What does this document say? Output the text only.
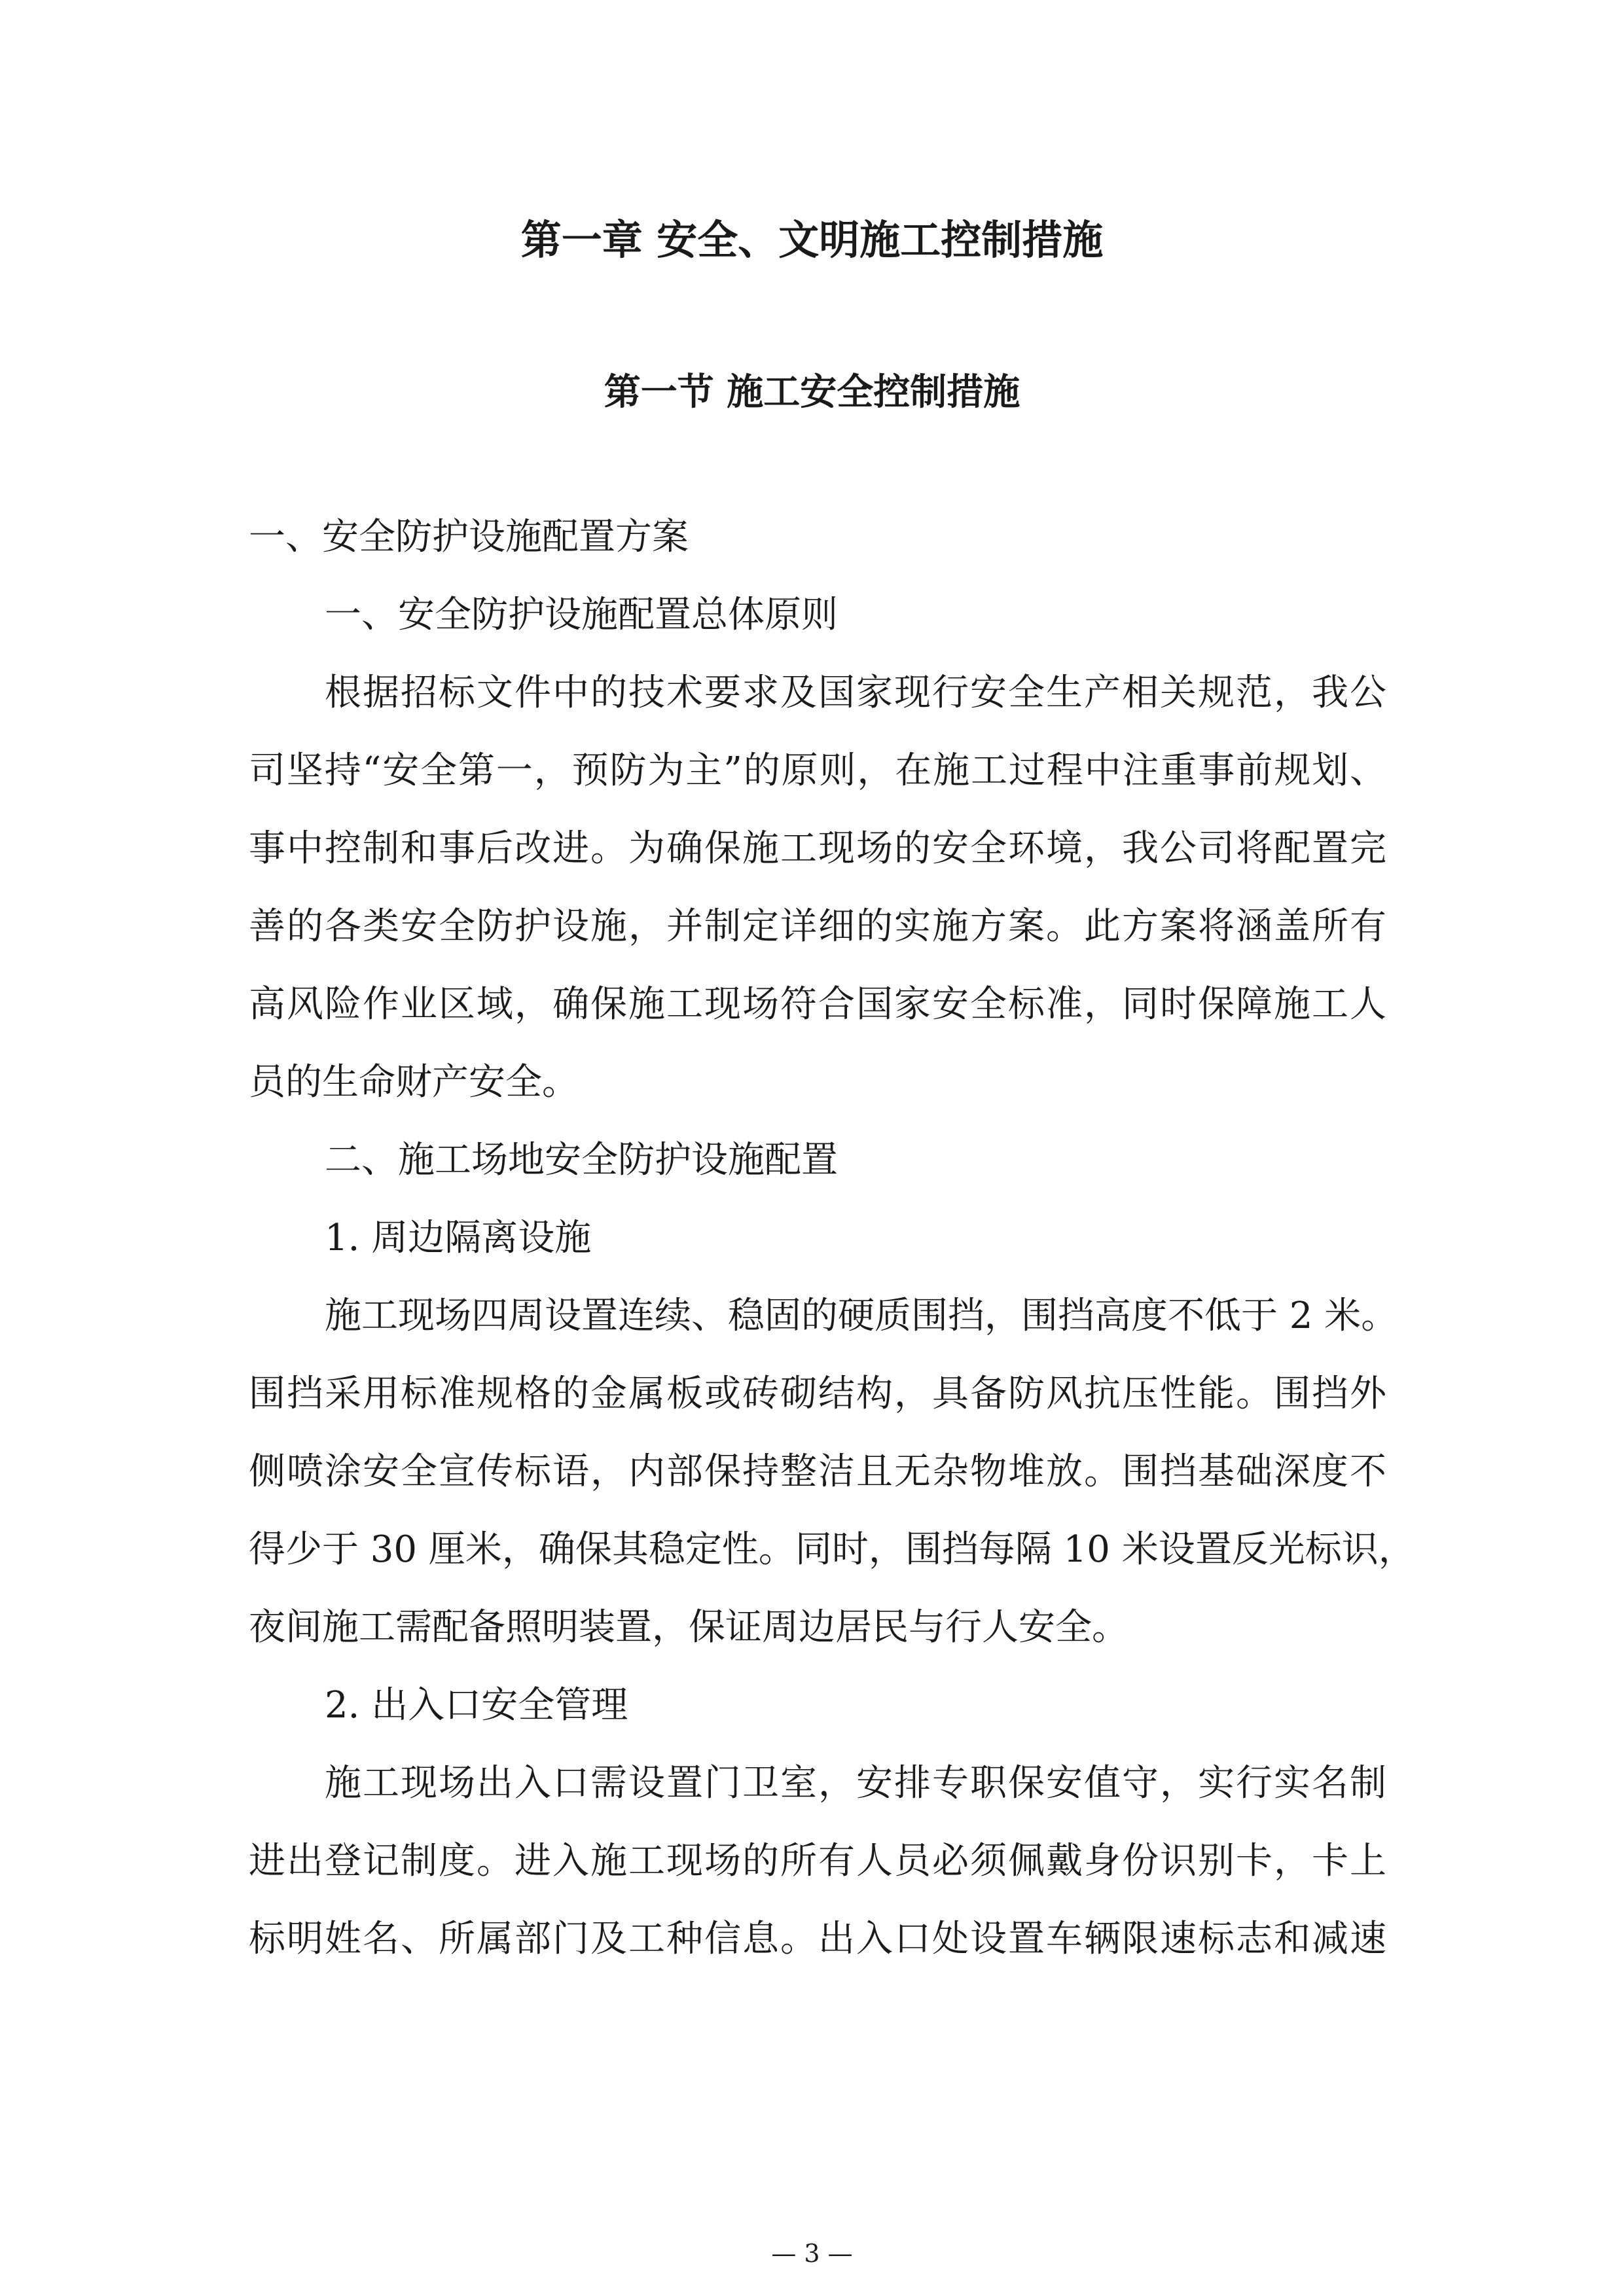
第一章 安全、文明施工控制措施
第一节 施工安全控制措施
一、安全防护设施配置方案
一、安全防护设施配置总体原则
根据招标文件中的技术要求及国家现行安全生产相关规范，我公
司坚持“安全第一，预防为主”的原则，在施工过程中注重事前规划、
事中控制和事后改进。为确保施工现场的安全环境，我公司将配置完
善的各类安全防护设施，并制定详细的实施方案。此方案将涵盖所有
高风险作业区域，确保施工现场符合国家安全标准，同时保障施工人
员的生命财产安全。
二、施工场地安全防护设施配置
1. 周边隔离设施
施工现场四周设置连续、稳固的硬质围挡，围挡高度不低于 2 米。
围挡采用标准规格的金属板或砖砌结构，具备防风抗压性能。围挡外
侧喷涂安全宣传标语，内部保持整洁且无杂物堆放。围挡基础深度不
得少于 30 厘米，确保其稳定性。同时，围挡每隔 10 米设置反光标识，
夜间施工需配备照明装置，保证周边居民与行人安全。
2. 出入口安全管理
施工现场出入口需设置门卫室，安排专职保安值守，实行实名制
进出登记制度。进入施工现场的所有人员必须佩戴身份识别卡，卡上
标明姓名、所属部门及工种信息。出入口处设置车辆限速标志和减速
— 3 —
